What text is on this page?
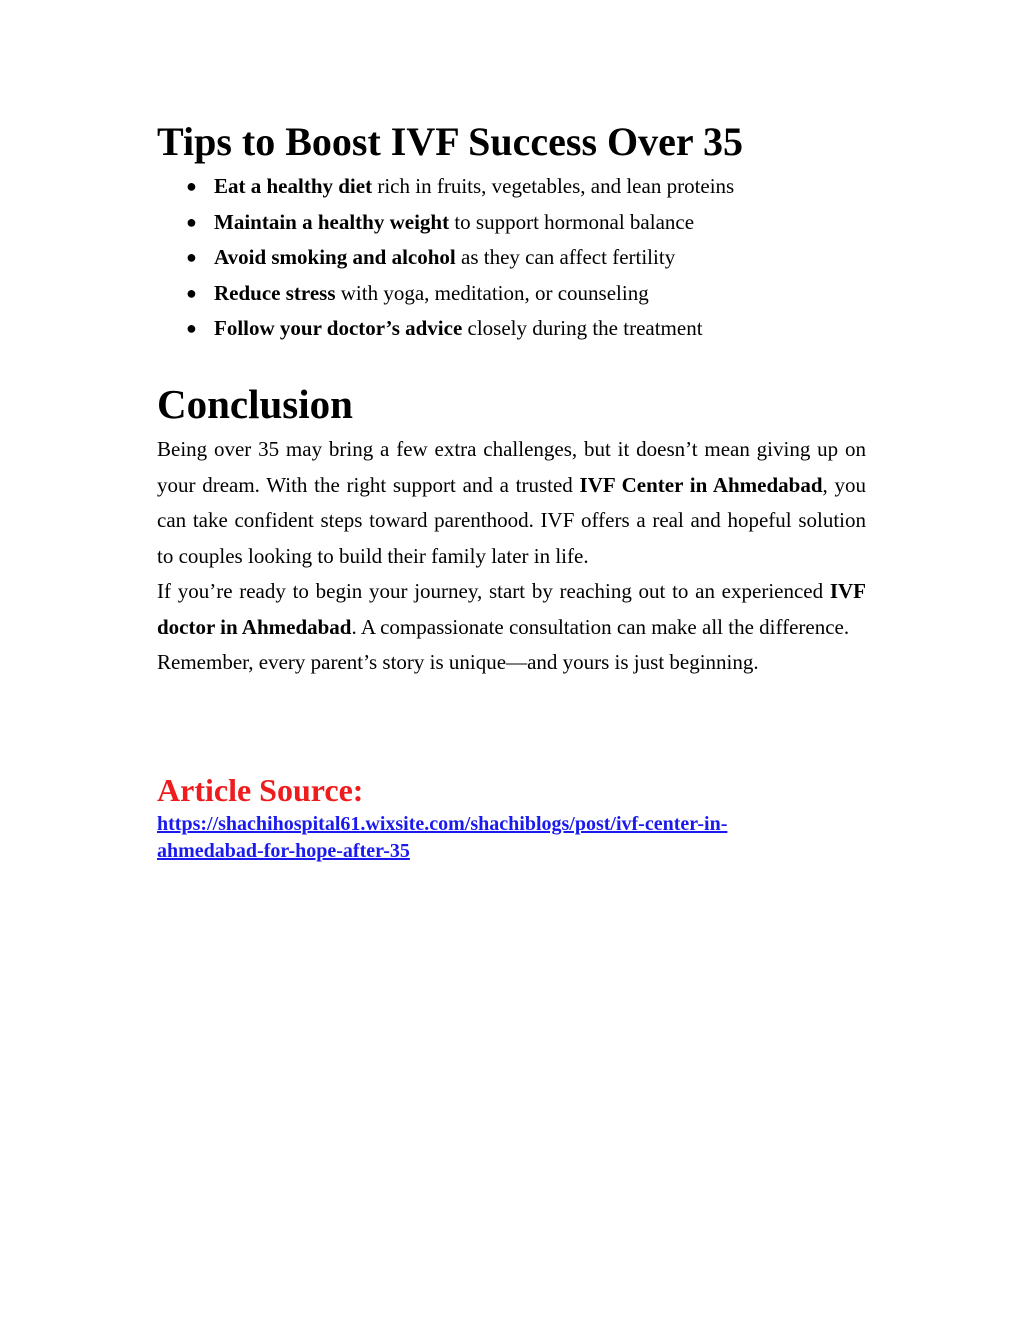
Tips to Boost IVF Success Over 35
● Eat a healthy diet rich in fruits, vegetables, and lean proteins
● Maintain a healthy weight to support hormonal balance
● Avoid smoking and alcohol as they can affect fertility
● Reduce stress with yoga, meditation, or counseling
● Follow your doctor’s advice closely during the treatment
Conclusion

Being over 35 may bring a few extra challenges, but it doesn’t mean giving up on your dream. With the right support and a trusted IVF Center in Ahmedabad, you can take confident steps toward parenthood. IVF offers a real and hopeful solution to couples looking to build their family later in life.

If you’re ready to begin your journey, start by reaching out to an experienced IVF doctor in Ahmedabad. A compassionate consultation can make all the difference.

Remember, every parent’s story is unique—and yours is just beginning.

Article Source:
https://shachihospital61.wixsite.com/shachiblogs/post/ivf-center-in-
ahmedabad-for-hope-after-35
